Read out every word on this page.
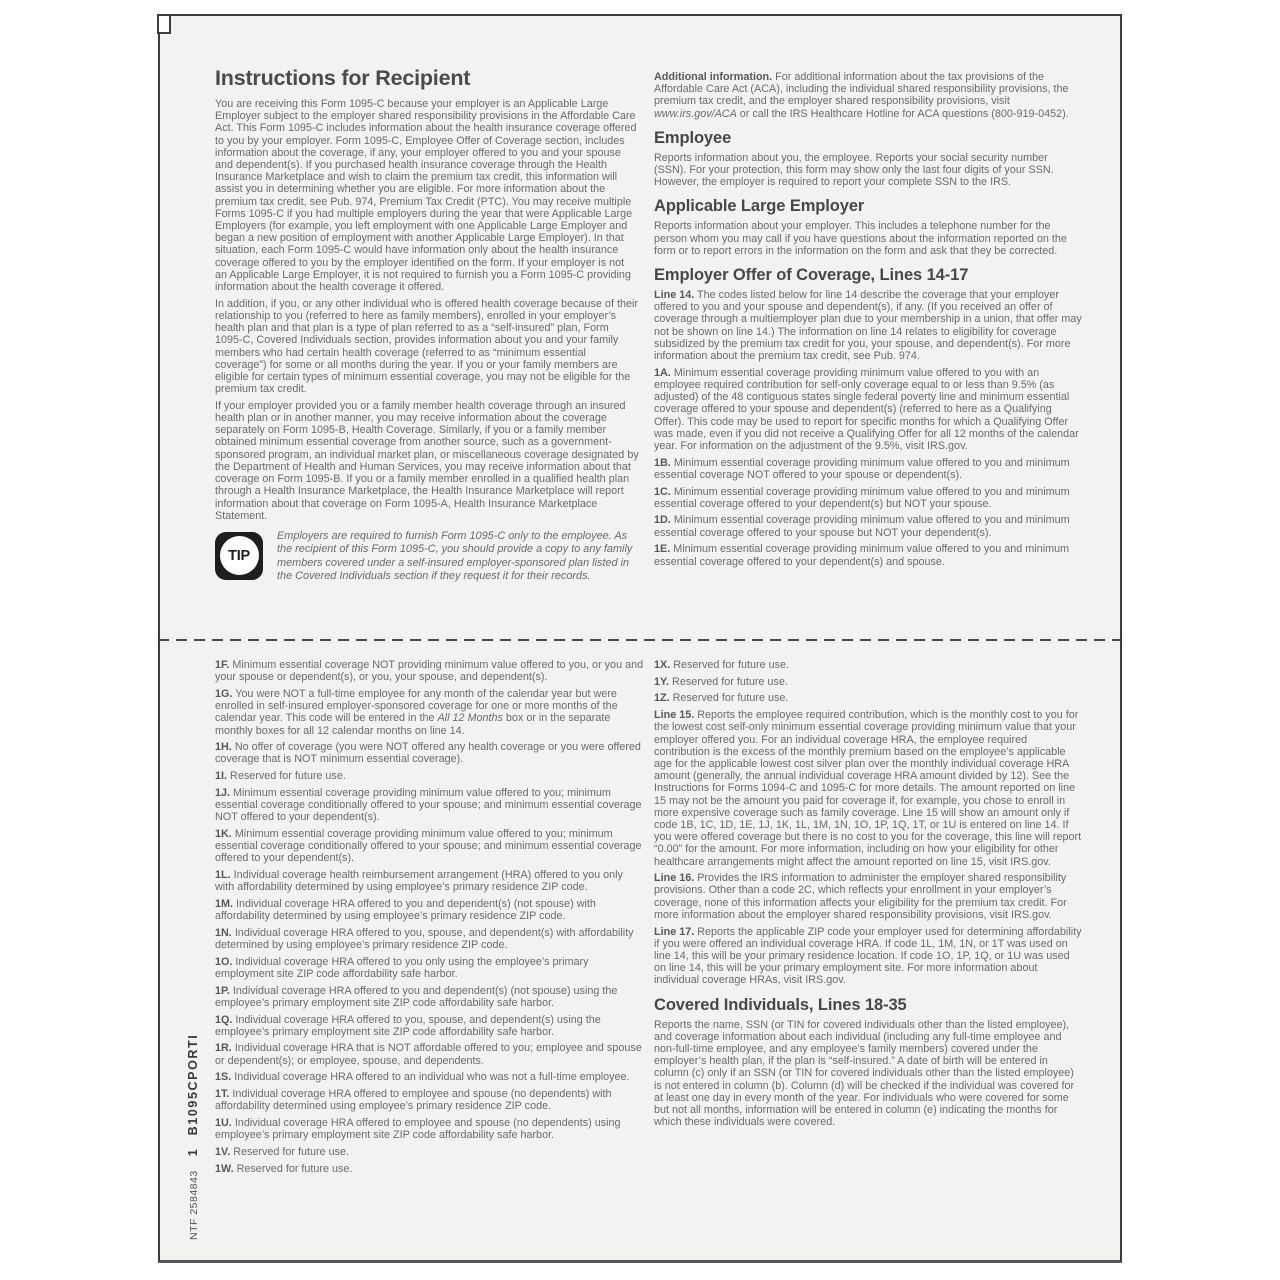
Instructions for Recipient

You are receiving this Form 1095-C because your employer is an Applicable Large Employer subject to the employer shared responsibility provisions in the Affordable Care Act. This Form 1095-C includes information about the health insurance coverage offered to you by your employer. Form 1095-C, Employee Offer of Coverage section, includes information about the coverage, if any, your employer offered to you and your spouse and dependent(s). If you purchased health insurance coverage through the Health Insurance Marketplace and wish to claim the premium tax credit, this information will assist you in determining whether you are eligible. For more information about the premium tax credit, see Pub. 974, Premium Tax Credit (PTC). You may receive multiple Forms 1095-C if you had multiple employers during the year that were Applicable Large Employers (for example, you left employment with one Applicable Large Employer and began a new position of employment with another Applicable Large Employer). In that situation, each Form 1095-C would have information only about the health insurance coverage offered to you by the employer identified on the form. If your employer is not an Applicable Large Employer, it is not required to furnish you a Form 1095-C providing information about the health coverage it offered.

In addition, if you, or any other individual who is offered health coverage because of their relationship to you (referred to here as family members), enrolled in your employer’s health plan and that plan is a type of plan referred to as a “self-insured” plan, Form 1095-C, Covered Individuals section, provides information about you and your family members who had certain health coverage (referred to as “minimum essential coverage”) for some or all months during the year. If you or your family members are eligible for certain types of minimum essential coverage, you may not be eligible for the premium tax credit.

If your employer provided you or a family member health coverage through an insured health plan or in another manner, you may receive information about the coverage separately on Form 1095-B, Health Coverage. Similarly, if you or a family member obtained minimum essential coverage from another source, such as a government-sponsored program, an individual market plan, or miscellaneous coverage designated by the Department of Health and Human Services, you may receive information about that coverage on Form 1095-B. If you or a family member enrolled in a qualified health plan through a Health Insurance Marketplace, the Health Insurance Marketplace will report information about that coverage on Form 1095-A, Health Insurance Marketplace Statement.

TIP

Employers are required to furnish Form 1095-C only to the employee. As the recipient of this Form 1095-C, you should provide a copy to any family members covered under a self-insured employer-sponsored plan listed in the Covered Individuals section if they request it for their records.

Additional information. For additional information about the tax provisions of the Affordable Care Act (ACA), including the individual shared responsibility provisions, the premium tax credit, and the employer shared responsibility provisions, visit www.irs.gov/ACA or call the IRS Healthcare Hotline for ACA questions (800-919-0452).

Employee

Reports information about you, the employee. Reports your social security number (SSN). For your protection, this form may show only the last four digits of your SSN. However, the employer is required to report your complete SSN to the IRS.

Applicable Large Employer

Reports information about your employer. This includes a telephone number for the person whom you may call if you have questions about the information reported on the form or to report errors in the information on the form and ask that they be corrected.

Employer Offer of Coverage, Lines 14-17

Line 14. The codes listed below for line 14 describe the coverage that your employer offered to you and your spouse and dependent(s), if any. (If you received an offer of coverage through a multiemployer plan due to your membership in a union, that offer may not be shown on line 14.) The information on line 14 relates to eligibility for coverage subsidized by the premium tax credit for you, your spouse, and dependent(s). For more information about the premium tax credit, see Pub. 974.

1A. Minimum essential coverage providing minimum value offered to you with an employee required contribution for self-only coverage equal to or less than 9.5% (as adjusted) of the 48 contiguous states single federal poverty line and minimum essential coverage offered to your spouse and dependent(s) (referred to here as a Qualifying Offer). This code may be used to report for specific months for which a Qualifying Offer was made, even if you did not receive a Qualifying Offer for all 12 months of the calendar year. For information on the adjustment of the 9.5%, visit IRS.gov.

1B. Minimum essential coverage providing minimum value offered to you and minimum essential coverage NOT offered to your spouse or dependent(s).

1C. Minimum essential coverage providing minimum value offered to you and minimum essential coverage offered to your dependent(s) but NOT your spouse.

1D. Minimum essential coverage providing minimum value offered to you and minimum essential coverage offered to your spouse but NOT your dependent(s).

1E. Minimum essential coverage providing minimum value offered to you and minimum essential coverage offered to your dependent(s) and spouse.

1F. Minimum essential coverage NOT providing minimum value offered to you, or you and your spouse or dependent(s), or you, your spouse, and dependent(s).

1G. You were NOT a full-time employee for any month of the calendar year but were enrolled in self-insured employer-sponsored coverage for one or more months of the calendar year. This code will be entered in the All 12 Months box or in the separate monthly boxes for all 12 calendar months on line 14.

1H. No offer of coverage (you were NOT offered any health coverage or you were offered coverage that is NOT minimum essential coverage).

1I. Reserved for future use.

1J. Minimum essential coverage providing minimum value offered to you; minimum essential coverage conditionally offered to your spouse; and minimum essential coverage NOT offered to your dependent(s).

1K. Minimum essential coverage providing minimum value offered to you; minimum essential coverage conditionally offered to your spouse; and minimum essential coverage offered to your dependent(s).

1L. Individual coverage health reimbursement arrangement (HRA) offered to you only with affordability determined by using employee’s primary residence ZIP code.

1M. Individual coverage HRA offered to you and dependent(s) (not spouse) with affordability determined by using employee’s primary residence ZIP code.

1N. Individual coverage HRA offered to you, spouse, and dependent(s) with affordability determined by using employee’s primary residence ZIP code.

1O. Individual coverage HRA offered to you only using the employee’s primary employment site ZIP code affordability safe harbor.

1P. Individual coverage HRA offered to you and dependent(s) (not spouse) using the employee’s primary employment site ZIP code affordability safe harbor.

1Q. Individual coverage HRA offered to you, spouse, and dependent(s) using the employee’s primary employment site ZIP code affordability safe harbor.

1R. Individual coverage HRA that is NOT affordable offered to you; employee and spouse or dependent(s); or employee, spouse, and dependents.

1S. Individual coverage HRA offered to an individual who was not a full-time employee.

1T. Individual coverage HRA offered to employee and spouse (no dependents) with affordability determined using employee’s primary residence ZIP code.

1U. Individual coverage HRA offered to employee and spouse (no dependents) using employee’s primary employment site ZIP code affordability safe harbor.

1V. Reserved for future use.

1W. Reserved for future use.

1X. Reserved for future use.

1Y. Reserved for future use.

1Z. Reserved for future use.

Line 15. Reports the employee required contribution, which is the monthly cost to you for the lowest cost self-only minimum essential coverage providing minimum value that your employer offered you. For an individual coverage HRA, the employee required contribution is the excess of the monthly premium based on the employee’s applicable age for the applicable lowest cost silver plan over the monthly individual coverage HRA amount (generally, the annual individual coverage HRA amount divided by 12). See the Instructions for Forms 1094-C and 1095-C for more details. The amount reported on line 15 may not be the amount you paid for coverage if, for example, you chose to enroll in more expensive coverage such as family coverage. Line 15 will show an amount only if code 1B, 1C, 1D, 1E, 1J, 1K, 1L, 1M, 1N, 1O, 1P, 1Q, 1T, or 1U is entered on line 14. If you were offered coverage but there is no cost to you for the coverage, this line will report “0.00” for the amount. For more information, including on how your eligibility for other healthcare arrangements might affect the amount reported on line 15, visit IRS.gov.

Line 16. Provides the IRS information to administer the employer shared responsibility provisions. Other than a code 2C, which reflects your enrollment in your employer’s coverage, none of this information affects your eligibility for the premium tax credit. For more information about the employer shared responsibility provisions, visit IRS.gov.

Line 17. Reports the applicable ZIP code your employer used for determining affordability if you were offered an individual coverage HRA. If code 1L, 1M, 1N, or 1T was used on line 14, this will be your primary residence location. If code 1O, 1P, 1Q, or 1U was used on line 14, this will be your primary employment site. For more information about individual coverage HRAs, visit IRS.gov.

Covered Individuals, Lines 18-35

Reports the name, SSN (or TIN for covered individuals other than the listed employee), and coverage information about each individual (including any full-time employee and non-full-time employee, and any employee’s family members) covered under the employer’s health plan, if the plan is “self-insured.” A date of birth will be entered in column (c) only if an SSN (or TIN for covered individuals other than the listed employee) is not entered in column (b). Column (d) will be checked if the individual was covered for at least one day in every month of the year. For individuals who were covered for some but not all months, information will be entered in column (e) indicating the months for which these individuals were covered.

NTF 25848431B1095CPORTI
